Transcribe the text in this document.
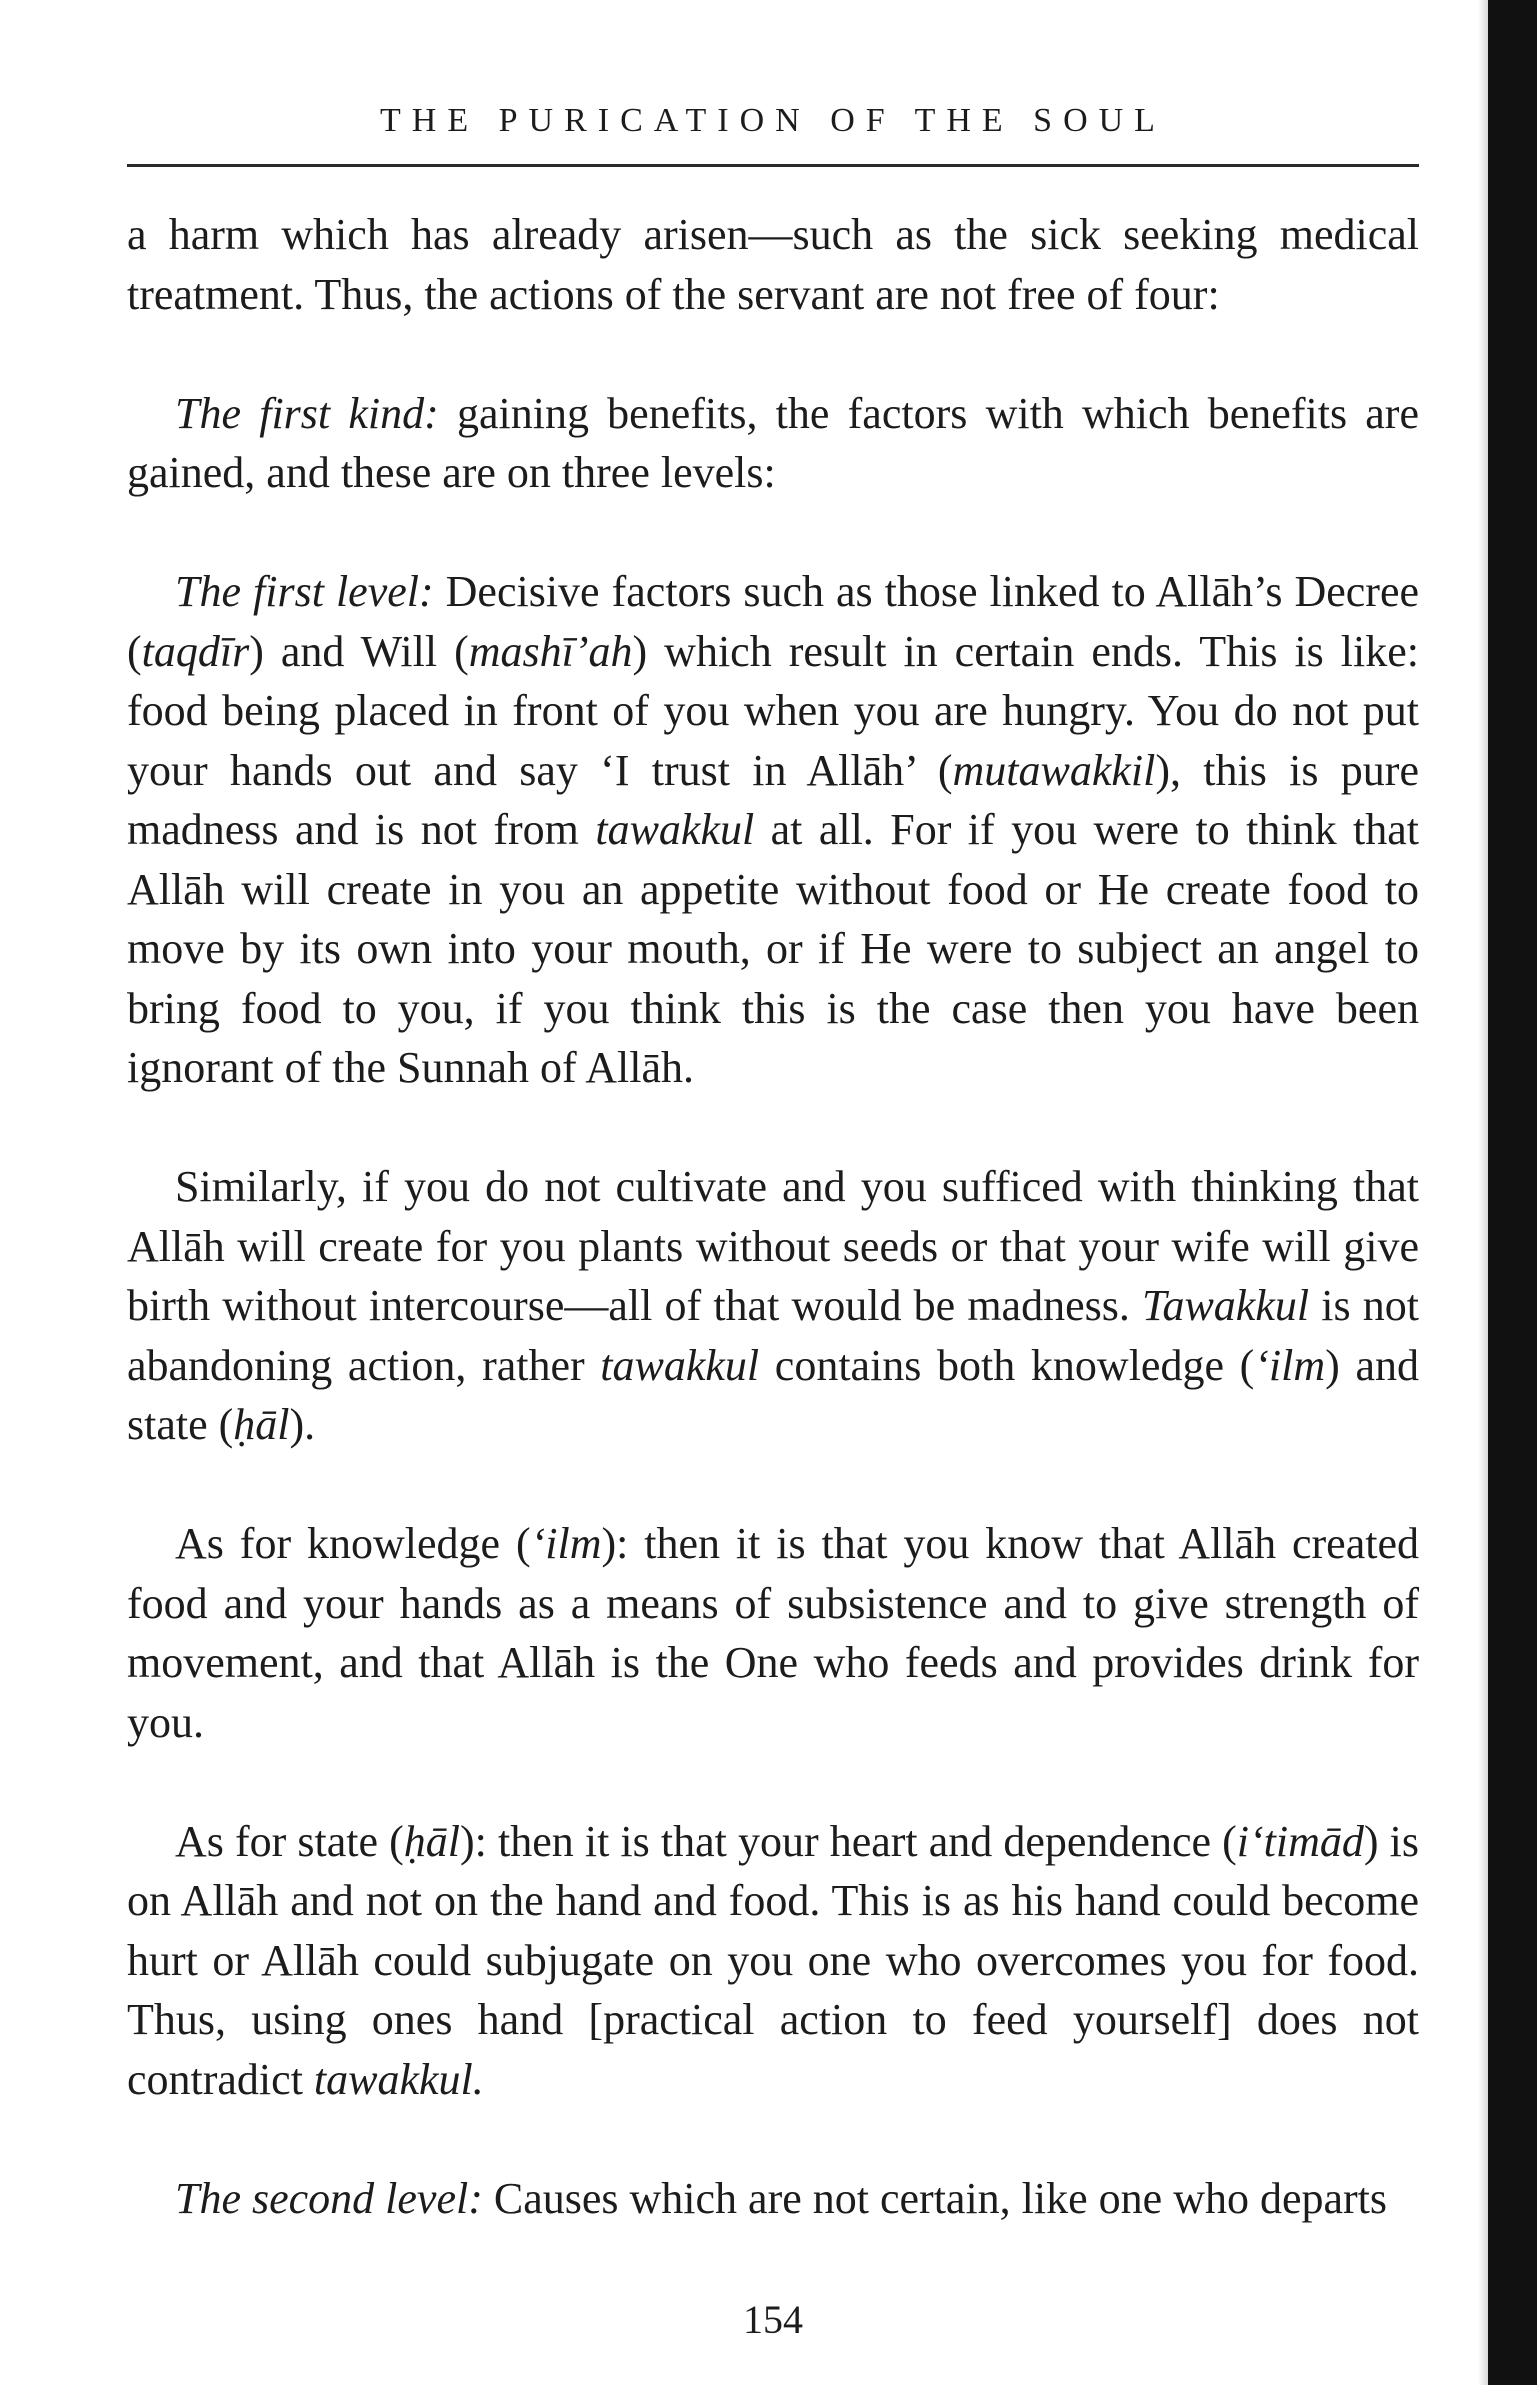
THE PURICATION OF THE SOUL

a harm which has already arisen—such as the sick seeking medical treatment. Thus, the actions of the servant are not free of four:

The first kind: gaining benefits, the factors with which benefits are gained, and these are on three levels:

The first level: Decisive factors such as those linked to Allāh’s Decree (taqdīr) and Will (mashī’ah) which result in certain ends. This is like: food being placed in front of you when you are hungry. You do not put your hands out and say ‘I trust in Allāh’ (mutawakkil), this is pure madness and is not from tawakkul at all. For if you were to think that Allāh will create in you an appetite without food or He create food to move by its own into your mouth, or if He were to subject an angel to bring food to you, if you think this is the case then you have been ignorant of the Sunnah of Allāh.

Similarly, if you do not cultivate and you sufficed with thinking that Allāh will create for you plants without seeds or that your wife will give birth without intercourse—all of that would be madness. Tawakkul is not abandoning action, rather tawakkul contains both knowledge (‘ilm) and state (ḥāl).

As for knowledge (‘ilm): then it is that you know that Allāh created food and your hands as a means of subsistence and to give strength of movement, and that Allāh is the One who feeds and provides drink for you.

As for state (ḥāl): then it is that your heart and dependence (i‘timād) is on Allāh and not on the hand and food. This is as his hand could become hurt or Allāh could subjugate on you one who overcomes you for food. Thus, using ones hand [practical action to feed yourself] does not contradict tawakkul.

The second level: Causes which are not certain, like one who departs

154
